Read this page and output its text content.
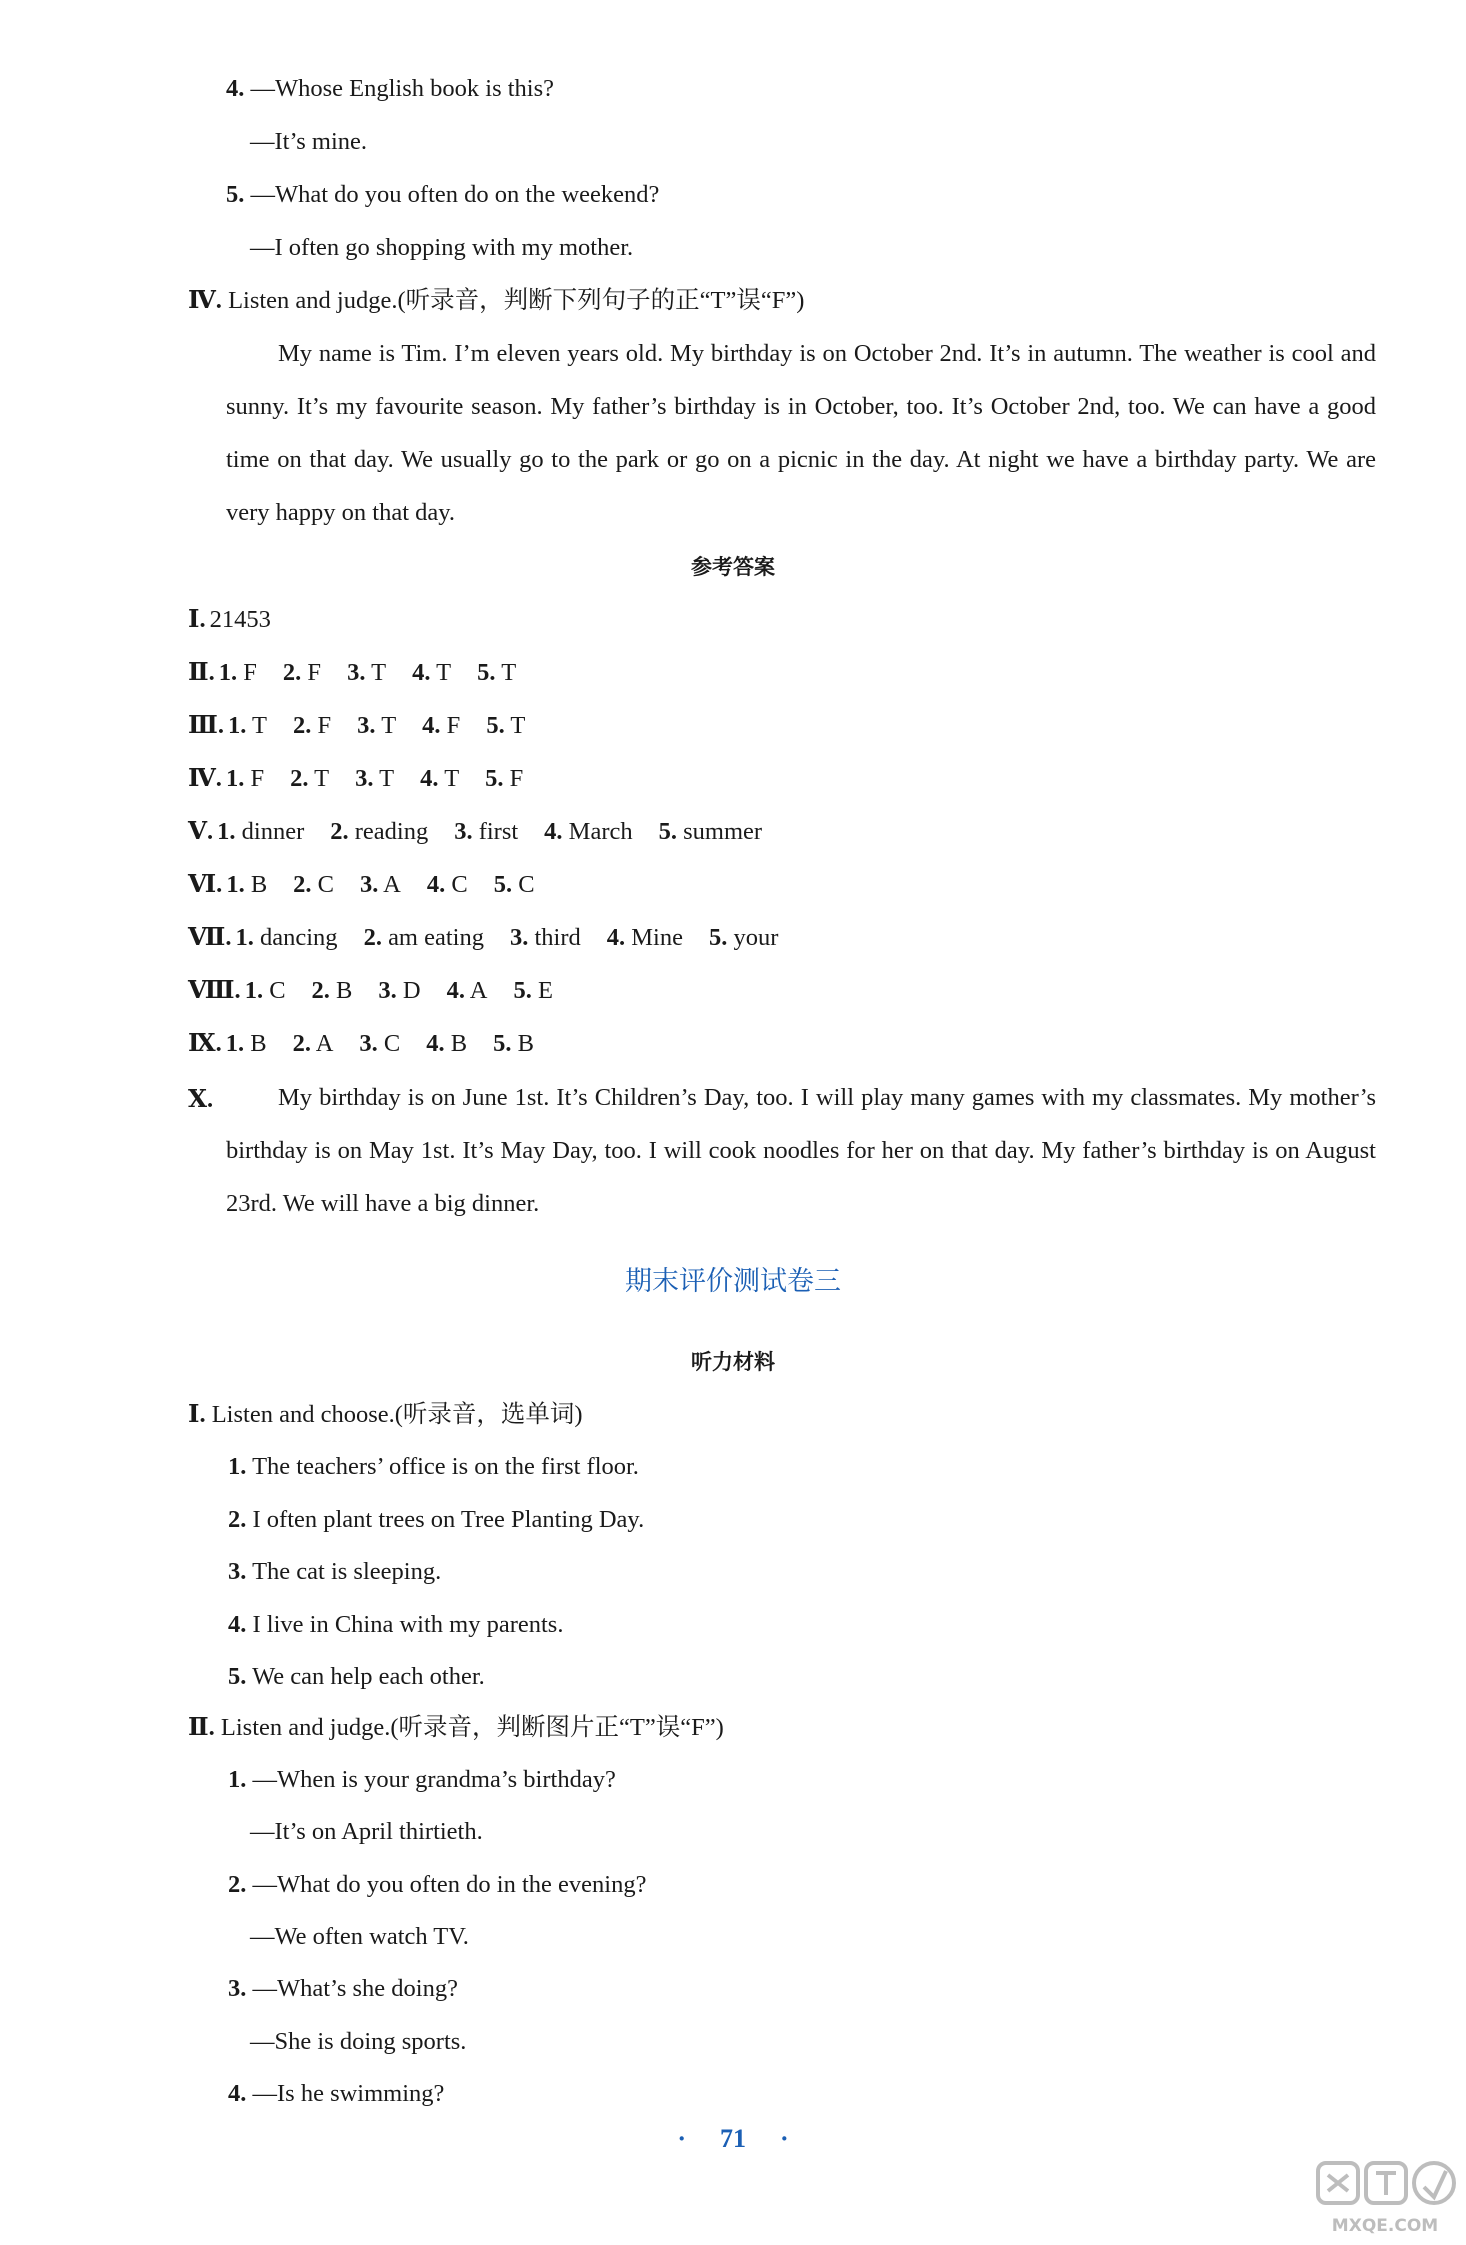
4. —Whose English book is this?
—It’s mine.
5. —What do you often do on the weekend?
—I often go shopping with my mother.
Ⅳ. Listen and judge.(听录音，判断下列句子的正“T”误“F”)
My name is Tim. I’m eleven years old. My birthday is on October 2nd. It’s in autumn. The weather is cool and sunny. It’s my favourite season. My father’s birthday is in October, too. It’s October 2nd, too. We can have a good time on that day. We usually go to the park or go on a picnic in the day. At night we have a birthday party. We are very happy on that day.
参考答案
Ⅰ. 21453
Ⅱ. 1. F 2. F 3. T 4. T 5. T
Ⅲ. 1. T 2. F 3. T 4. F 5. T
Ⅳ. 1. F 2. T 3. T 4. T 5. F
Ⅴ. 1. dinner 2. reading 3. first 4. March 5. summer
Ⅵ. 1. B 2. C 3. A 4. C 5. C
Ⅶ. 1. dancing 2. am eating 3. third 4. Mine 5. your
Ⅷ. 1. C 2. B 3. D 4. A 5. E
Ⅸ. 1. B 2. A 3. C 4. B 5. B
Ⅹ.	My birthday is on June 1st. It’s Children’s Day, too. I will play many games with my classmates. My mother’s birthday is on May 1st. It’s May Day, too. I will cook noodles for her on that day. My father’s birthday is on August 23rd. We will have a big dinner.
期末评价测试卷三
听力材料
Ⅰ. Listen and choose.(听录音，选单词)
1. The teachers’ office is on the first floor.
2. I often plant trees on Tree Planting Day.
3. The cat is sleeping.
4. I live in China with my parents.
5. We can help each other.
Ⅱ. Listen and judge.(听录音，判断图片正“T”误“F”)
1. —When is your grandma’s birthday?
—It’s on April thirtieth.
2. —What do you often do in the evening?
—We often watch TV.
3. —What’s she doing?
—She is doing sports.
4. —Is he swimming?
· 71 ·
MXQE.COM
